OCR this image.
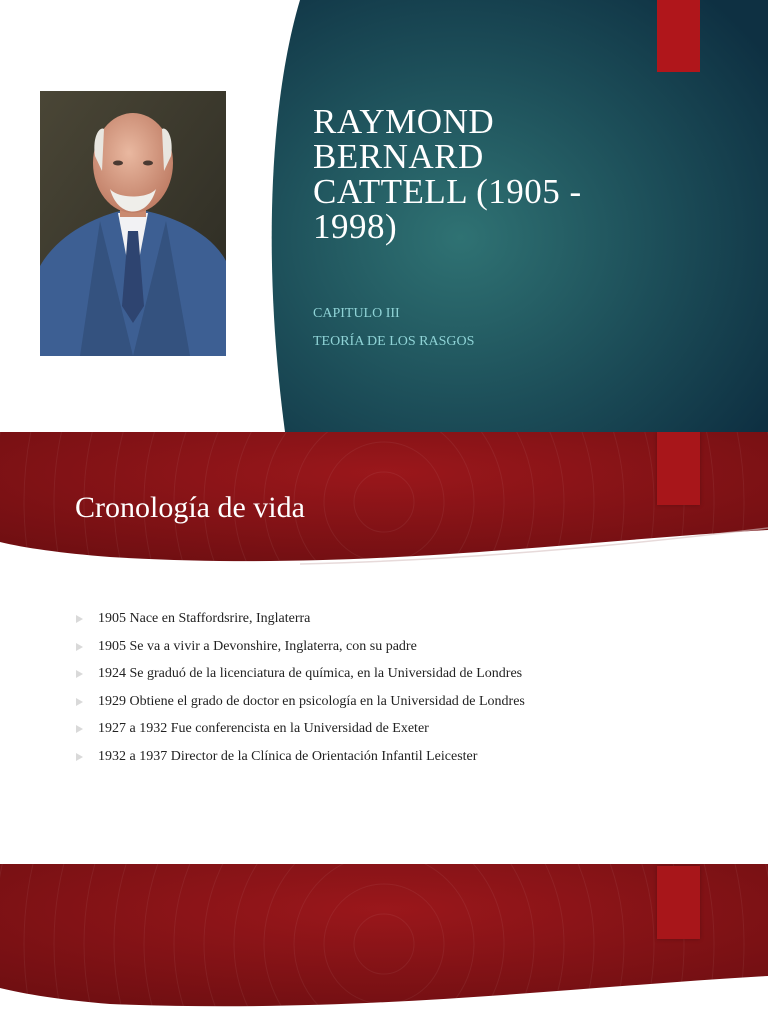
RAYMOND
BERNARD
CATTELL (1905 -
1998)
CAPITULO III
TEORÍA DE LOS RASGOS
Cronología de vida
1905 Nace en Staffordsrire, Inglaterra
1905 Se va a vivir a Devonshire, Inglaterra, con su padre
1924 Se graduó de la licenciatura de química, en la Universidad de Londres
1929 Obtiene el grado de doctor en psicología en la Universidad de Londres
1927 a 1932 Fue conferencista en la Universidad de Exeter
1932 a 1937 Director de la Clínica de Orientación Infantil Leicester
